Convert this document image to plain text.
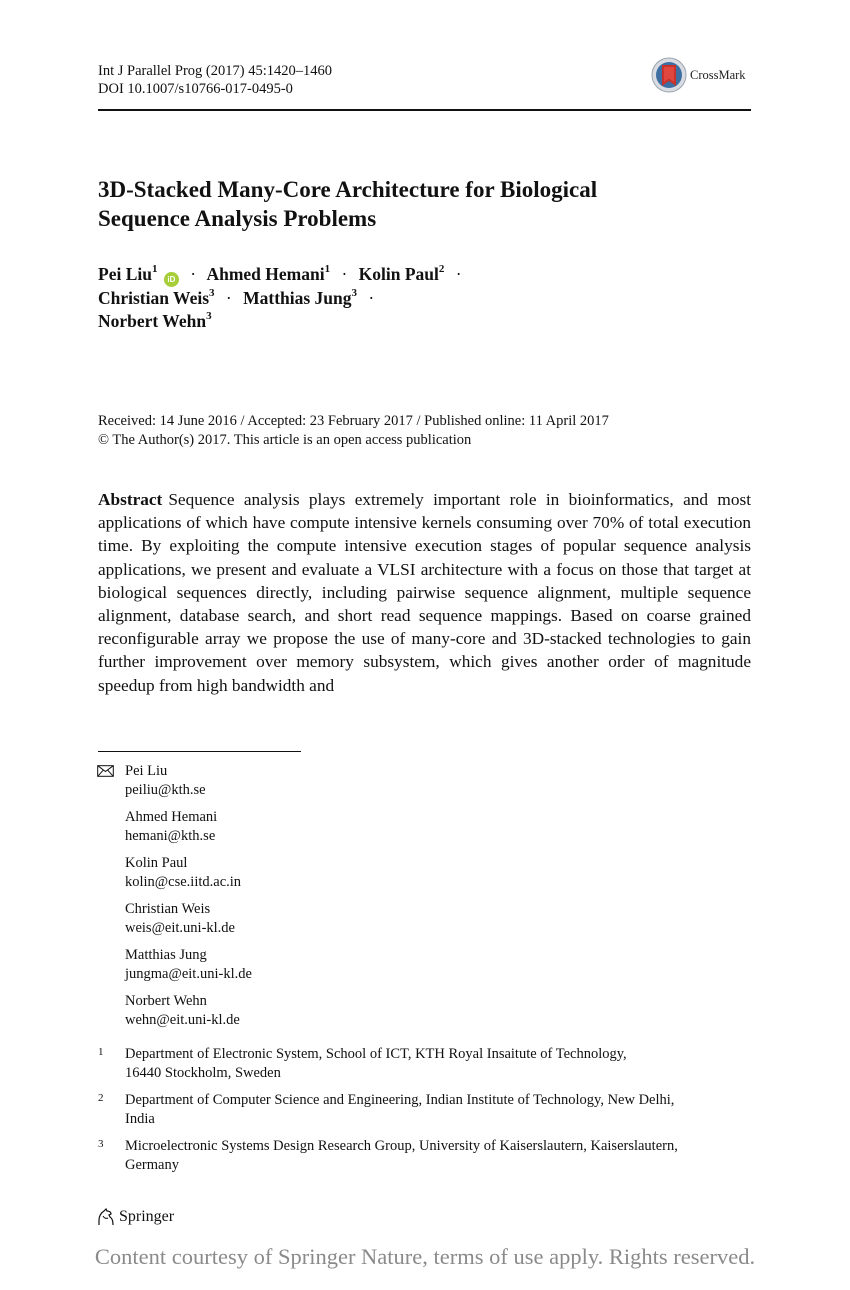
Int J Parallel Prog (2017) 45:1420–1460
DOI 10.1007/s10766-017-0495-0
CrossMark
3D-Stacked Many-Core Architecture for Biological
Sequence Analysis Problems
Pei Liu$^1$ iD · Ahmed Hemani$^1$ · Kolin Paul$^2$ ·
Christian Weis$^3$ · Matthias Jung$^3$ ·
Norbert Wehn$^3$
Received: 14 June 2016 / Accepted: 23 February 2017 / Published online: 11 April 2017
© The Author(s) 2017. This article is an open access publication
Abstract Sequence analysis plays extremely important role in bioinformatics, and most applications of which have compute intensive kernels consuming over 70% of total execution time. By exploiting the compute intensive execution stages of popular sequence analysis applications, we present and evaluate a VLSI architecture with a focus on those that target at biological sequences directly, including pairwise sequence alignment, multiple sequence alignment, database search, and short read sequence mappings. Based on coarse grained reconfigurable array we propose the use of many-core and 3D-stacked technologies to gain further improvement over memory subsystem, which gives another order of magnitude speedup from high bandwidth and
Pei Liu
peiliu@kth.se
Ahmed Hemani
hemani@kth.se
Kolin Paul
kolin@cse.iitd.ac.in
Christian Weis
weis@eit.uni-kl.de
Matthias Jung
jungma@eit.uni-kl.de
Norbert Wehn
wehn@eit.uni-kl.de
1	Department of Electronic System, School of ICT, KTH Royal Insaitute of Technology,
16440 Stockholm, Sweden
2	Department of Computer Science and Engineering, Indian Institute of Technology, New Delhi,
India
3	Microelectronic Systems Design Research Group, University of Kaiserslautern, Kaiserslautern,
Germany
Springer
Content courtesy of Springer Nature, terms of use apply. Rights reserved.
